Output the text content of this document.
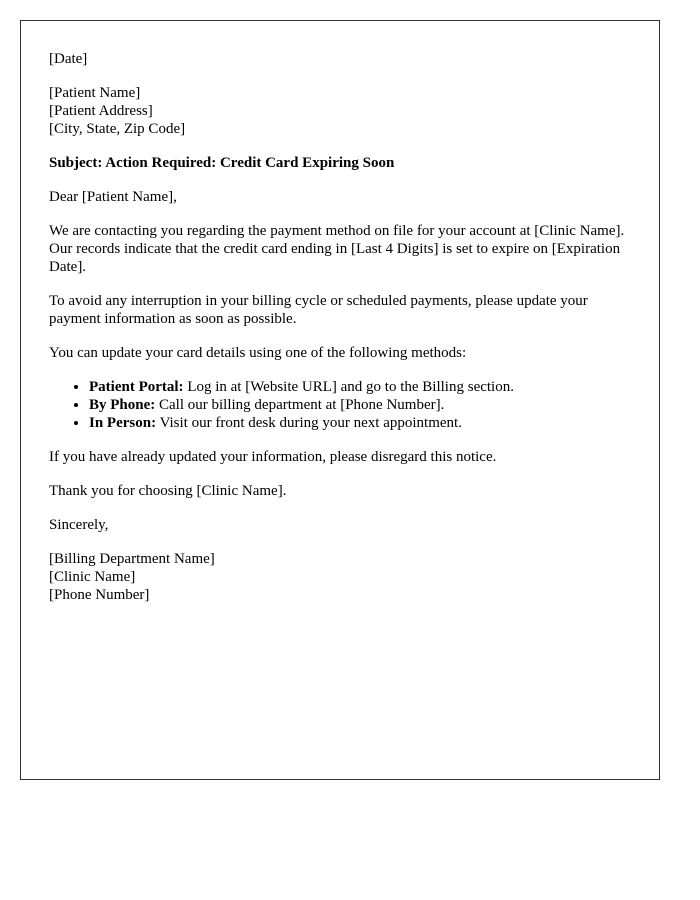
[Date]

[Patient Name]
[Patient Address]
[City, State, Zip Code]

Subject: Action Required: Credit Card Expiring Soon

Dear [Patient Name],

We are contacting you regarding the payment method on file for your account at [Clinic Name]. Our records indicate that the credit card ending in [Last 4 Digits] is set to expire on [Expiration Date].

To avoid any interruption in your billing cycle or scheduled payments, please update your payment information as soon as possible.

You can update your card details using one of the following methods:

• Patient Portal: Log in at [Website URL] and go to the Billing section.
• By Phone: Call our billing department at [Phone Number].
• In Person: Visit our front desk during your next appointment.

If you have already updated your information, please disregard this notice.

Thank you for choosing [Clinic Name].

Sincerely,

[Billing Department Name]
[Clinic Name]
[Phone Number]
